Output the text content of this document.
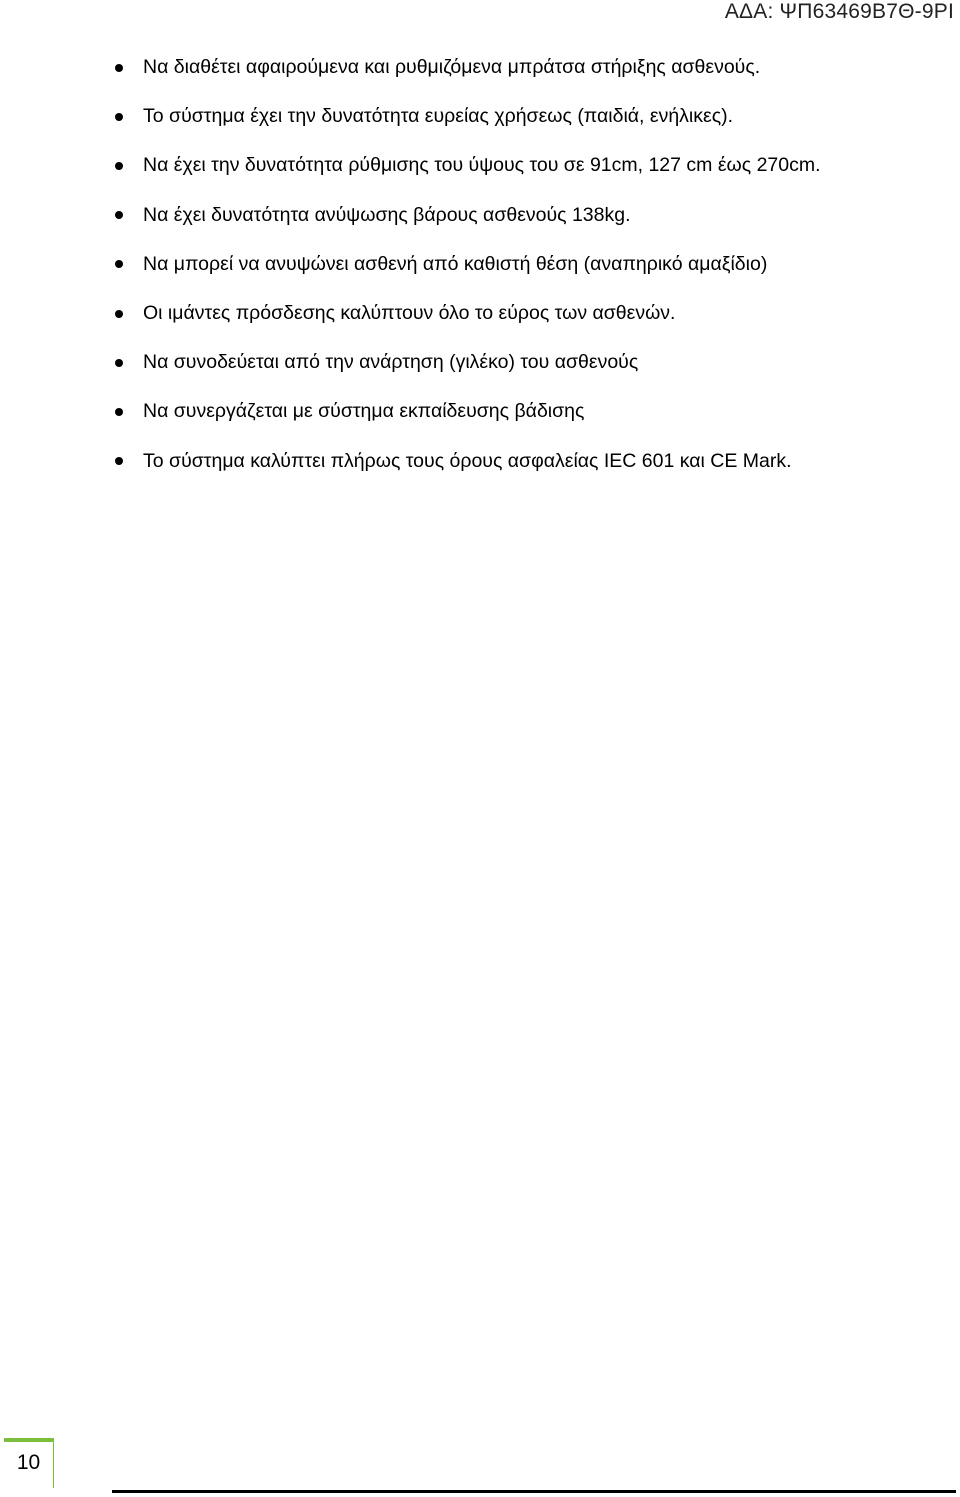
ΑΔΑ: ΨΠ63469Β7Θ-9ΡΙ
Να διαθέτει αφαιρούμενα και ρυθμιζόμενα μπράτσα στήριξης ασθενούς.
Το σύστημα έχει την δυνατότητα ευρείας χρήσεως (παιδιά, ενήλικες).
Να έχει την δυνατότητα ρύθμισης του ύψους του σε 91cm, 127 cm έως 270cm.
Να έχει δυνατότητα ανύψωσης βάρους ασθενούς 138kg.
Να μπορεί να ανυψώνει ασθενή από καθιστή θέση (αναπηρικό αμαξίδιο)
Οι ιμάντες πρόσδεσης καλύπτουν όλο το εύρος των ασθενών.
Να συνοδεύεται από την ανάρτηση (γιλέκο) του ασθενούς
Να συνεργάζεται με σύστημα εκπαίδευσης βάδισης
Το σύστημα καλύπτει πλήρως τους όρους ασφαλείας IEC 601 και CE Mark.
10
